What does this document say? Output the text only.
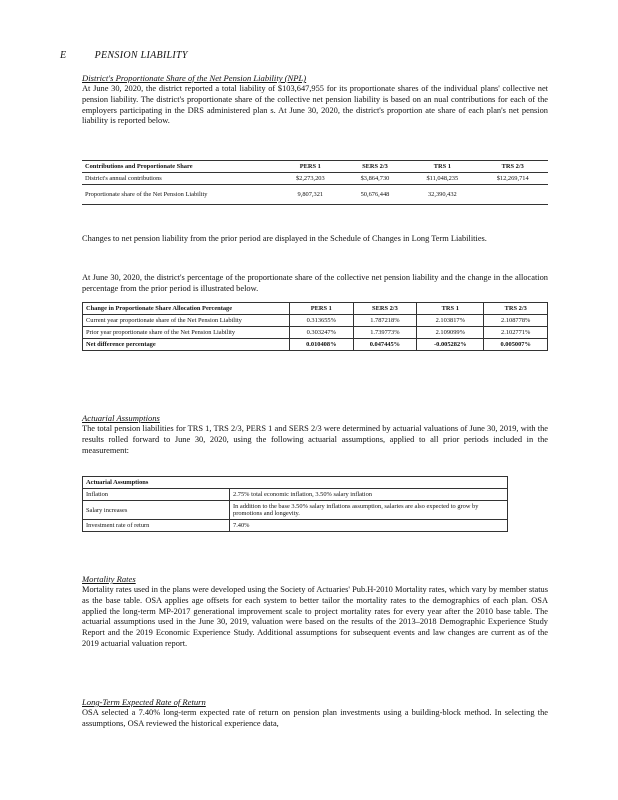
E	PENSION LIABILITY
District's Proportionate Share of the Net Pension Liability (NPL)
At June 30, 2020, the district reported a total liability of $103,647,955 for its proportionate shares of the individual plans' collective net pension liability. The district's proportionate share of the collective net pension liability is based on an nual contributions for each of the employers participating in the DRS administered plan s. At June 30, 2020, the district's proportion ate share of each plan's net pension liability is reported below.
Contributions and Proportionate Share	PERS 1	SERS 2/3	TRS 1	TRS 2/3
District's annual contributions	$2,273,203	$3,864,730	$11,048,235	$12,269,714
Proportionate share of the Net Pension Liability	9,807,321	50,676,448	32,390,432	
Changes to net pension liability from the prior period are displayed in the Schedule of Changes in Long Term Liabilities.
At June 30, 2020, the district's percentage of the proportionate share of the collective net pension liability and the change in the allocation percentage from the prior period is illustrated below.
Change in Proportionate Share Allocation Percentage	PERS 1	SERS 2/3	TRS 1	TRS 2/3
Current year proportionate share of the Net Pension Liability	0.313655%	1.787218%	2.103817%	2.108778%
Prior year proportionate share of the Net Pension Liability	0.303247%	1.739773%	2.109099%	2.102771%
Net difference percentage	0.010408%	0.047445%	-0.005282%	0.005007%
Actuarial Assumptions
The total pension liabilities for TRS 1, TRS 2/3, PERS 1 and SERS 2/3 were determined by actuarial valuations of June 30, 2019, with the results rolled forward to June 30, 2020, using the following actuarial assumptions, applied to all prior periods included in the measurement:
Actuarial Assumptions	
Inflation	2.75% total economic inflation, 3.50% salary inflation
Salary increases	In addition to the base 3.50% salary inflations assumption, salaries are also expected to grow by promotions and longevity.
Investment rate of return	7.40%
Mortality Rates
Mortality rates used in the plans were developed using the Society of Actuaries' Pub.H-2010 Mortality rates, which vary by member status as the base table. OSA applies age offsets for each system to better tailor the mortality rates to the demographics of each plan. OSA applied the long-term MP-2017 generational improvement scale to project mortality rates for every year after the 2010 base table. The actuarial assumptions used in the June 30, 2019, valuation were based on the results of the 2013–2018 Demographic Experience Study Report and the 2019 Economic Experience Study. Additional assumptions for subsequent events and law changes are current as of the 2019 actuarial valuation report.
Long-Term Expected Rate of Return
OSA selected a 7.40% long-term expected rate of return on pension plan investments using a building-block method. In selecting the assumptions, OSA reviewed the historical experience data,
